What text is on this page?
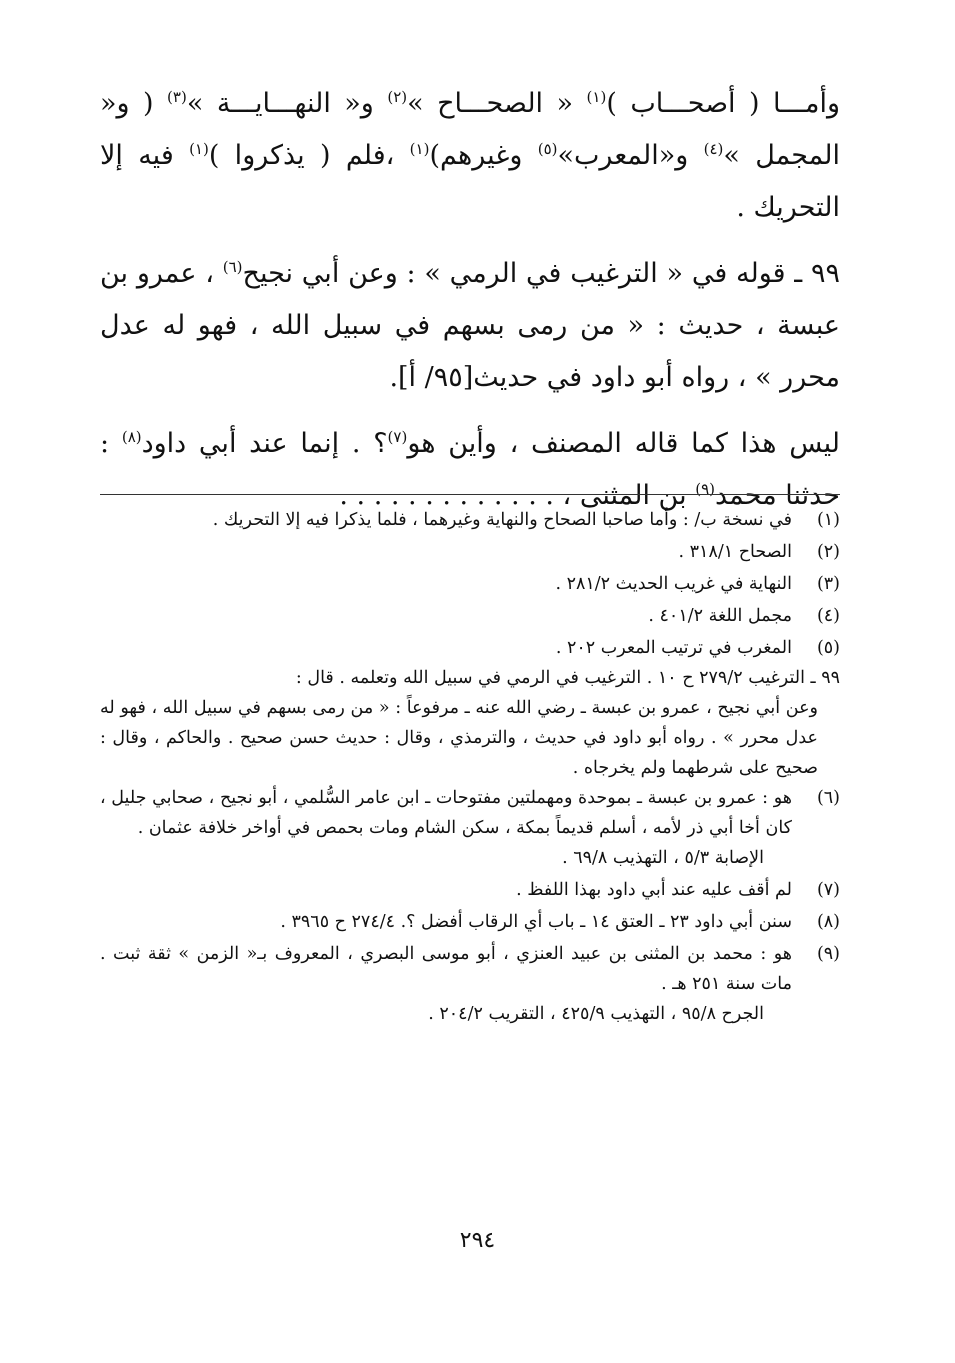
وأمـــا ( أصحـــاب )$^{(١)}$ « الصحـــاح »$^{(٢)}$ و« النهـــايـــة »$^{(٣)}$ ( و« المجمل »$^{(٤)}$ و«المعرب»$^{(٥)}$ وغيرهم)$^{(١)}$ ،فلم ( يذكروا )$^{(١)}$ فيه إلا التحريك .

٩٩ ـ قوله في « الترغيب في الرمي » : وعن أبي نجيح$^{(٦)}$ ، عمرو بن عبسة ، حديث : « من رمى بسهم في سبيل الله ، فهو له عدل محرر » ، رواه أبو داود في حديث[٩٥/ أ].

ليس هذا كما قاله المصنف ، وأين هو$^{(٧)}$؟ . إنما عند أبي داود$^{(٨)}$ : حدثنا محمد$^{(٩)}$ بن المثنى ، . . . . . . . . . . . . .

(١)
في نسخة ب/ : وأما صاحبا الصحاح والنهاية وغيرهما ، فلما يذكرا فيه إلا التحريك .
(٢)
الصحاح ٣١٨/١ .
(٣)
النهاية في غريب الحديث ٢٨١/٢ .
(٤)
مجمل اللغة ٤٠١/٢ .
(٥)
المغرب في ترتيب المعرب ٢٠٢ .

٩٩ ـ الترغيب ٢٧٩/٢ ح ١٠ . الترغيب في الرمي في سبيل الله وتعلمه . قال :

وعن أبي نجيح ، عمرو بن عبسة ـ رضي الله عنه ـ مرفوعاً : « من رمى بسهم في سبيل الله ، فهو له عدل محرر » . رواه أبو داود في حديث ، والترمذي ، وقال : حديث حسن صحيح . والحاكم ، وقال : صحيح على شرطهما ولم يخرجاه .

(٦)
هو : عمرو بن عبسة ـ بموحدة ومهملتين مفتوحات ـ ابن عامر السُّلمي ، أبو نجيح ، صحابي جليل ، كان أخا أبي ذر لأمه ، أسلم قديماً بمكة ، سكن الشام ومات بحمص في أواخر خلافة عثمان .
الإصابة ٥/٣ ، التهذيب ٦٩/٨ .
(٧)
لم أقف عليه عند أبي داود بهذا اللفظ .
(٨)
سنن أبي داود ٢٣ ـ العتق ١٤ ـ باب أي الرقاب أفضل ؟. ٢٧٤/٤ ح ٣٩٦٥ .
(٩)
هو : محمد بن المثنى بن عبيد العنزي ، أبو موسى البصري ، المعروف بـ« الزمن » ثقة ثبت . مات سنة ٢٥١ هـ .
الجرح ٩٥/٨ ، التهذيب ٤٢٥/٩ ، التقريب ٢٠٤/٢ .
٢٩٤
